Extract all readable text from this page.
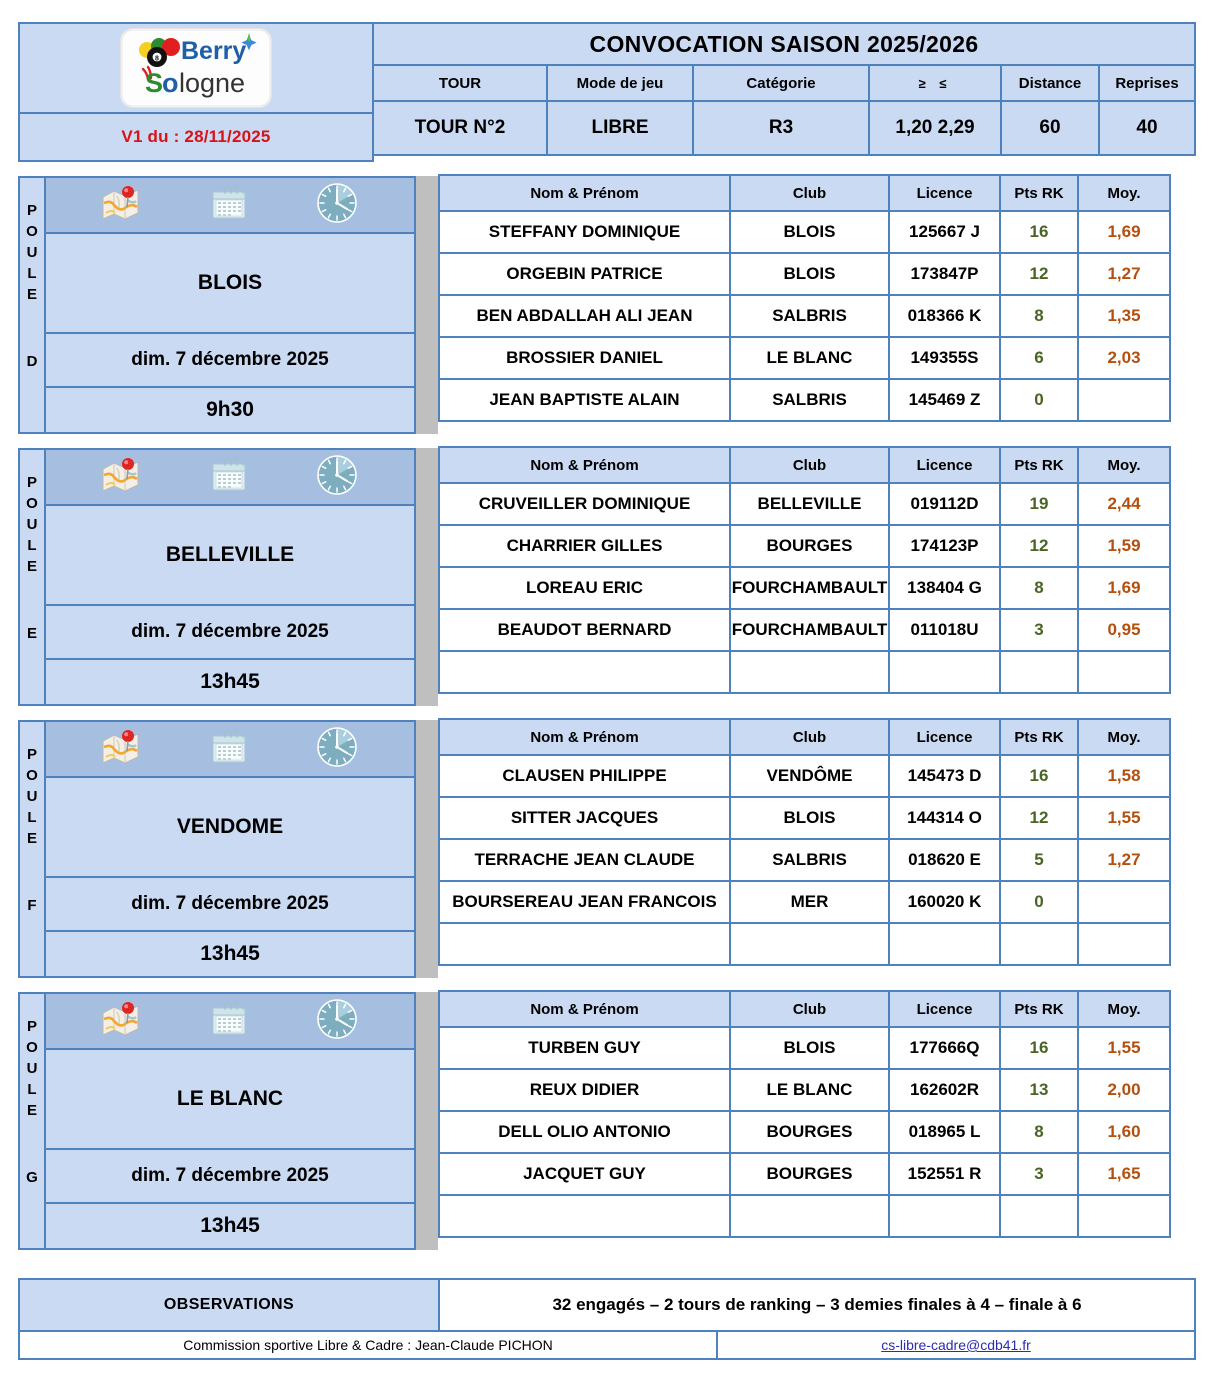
8 Berry
S
o logne
V1 du : 28/11/2025
CONVOCATION SAISON 2025/2026
TOUR	Mode de jeu	Catégorie	≥ ≤	Distance	Reprises
TOUR N°2	LIBRE	R3	1,20 2,29	60	40
P
O
U
L
E
D
BLOIS
dim. 7 décembre 2025
9h30
Nom & Prénom	Club	Licence	Pts RK	Moy.
STEFFANY DOMINIQUE	BLOIS	125667 J	16	1,69
ORGEBIN PATRICE	BLOIS	173847P	12	1,27
BEN ABDALLAH ALI JEAN	SALBRIS	018366 K	8	1,35
BROSSIER DANIEL	LE BLANC	149355S	6	2,03
JEAN BAPTISTE ALAIN	SALBRIS	145469 Z	0
P
O
U
L
E
E
BELLEVILLE
dim. 7 décembre 2025
13h45
Nom & Prénom	Club	Licence	Pts RK	Moy.
CRUVEILLER DOMINIQUE	BELLEVILLE	019112D	19	2,44
CHARRIER GILLES	BOURGES	174123P	12	1,59
LOREAU ERIC	FOURCHAMBAULT	138404 G	8	1,69
BEAUDOT BERNARD	FOURCHAMBAULT	011018U	3	0,95
P
O
U
L
E
F
VENDOME
dim. 7 décembre 2025
13h45
Nom & Prénom	Club	Licence	Pts RK	Moy.
CLAUSEN PHILIPPE	VENDÔME	145473 D	16	1,58
SITTER JACQUES	BLOIS	144314 O	12	1,55
TERRACHE JEAN CLAUDE	SALBRIS	018620 E	5	1,27
BOURSEREAU JEAN FRANCOIS	MER	160020 K	0
P
O
U
L
E
G
LE BLANC
dim. 7 décembre 2025
13h45
Nom & Prénom	Club	Licence	Pts RK	Moy.
TURBEN GUY	BLOIS	177666Q	16	1,55
REUX DIDIER	LE BLANC	162602R	13	2,00
DELL OLIO ANTONIO	BOURGES	018965 L	8	1,60
JACQUET GUY	BOURGES	152551 R	3	1,65
OBSERVATIONS	32 engagés – 2 tours de ranking – 3 demies finales à 4 – finale à 6
Commission sportive Libre & Cadre : Jean-Claude PICHON	cs-libre-cadre@cdb41.fr
